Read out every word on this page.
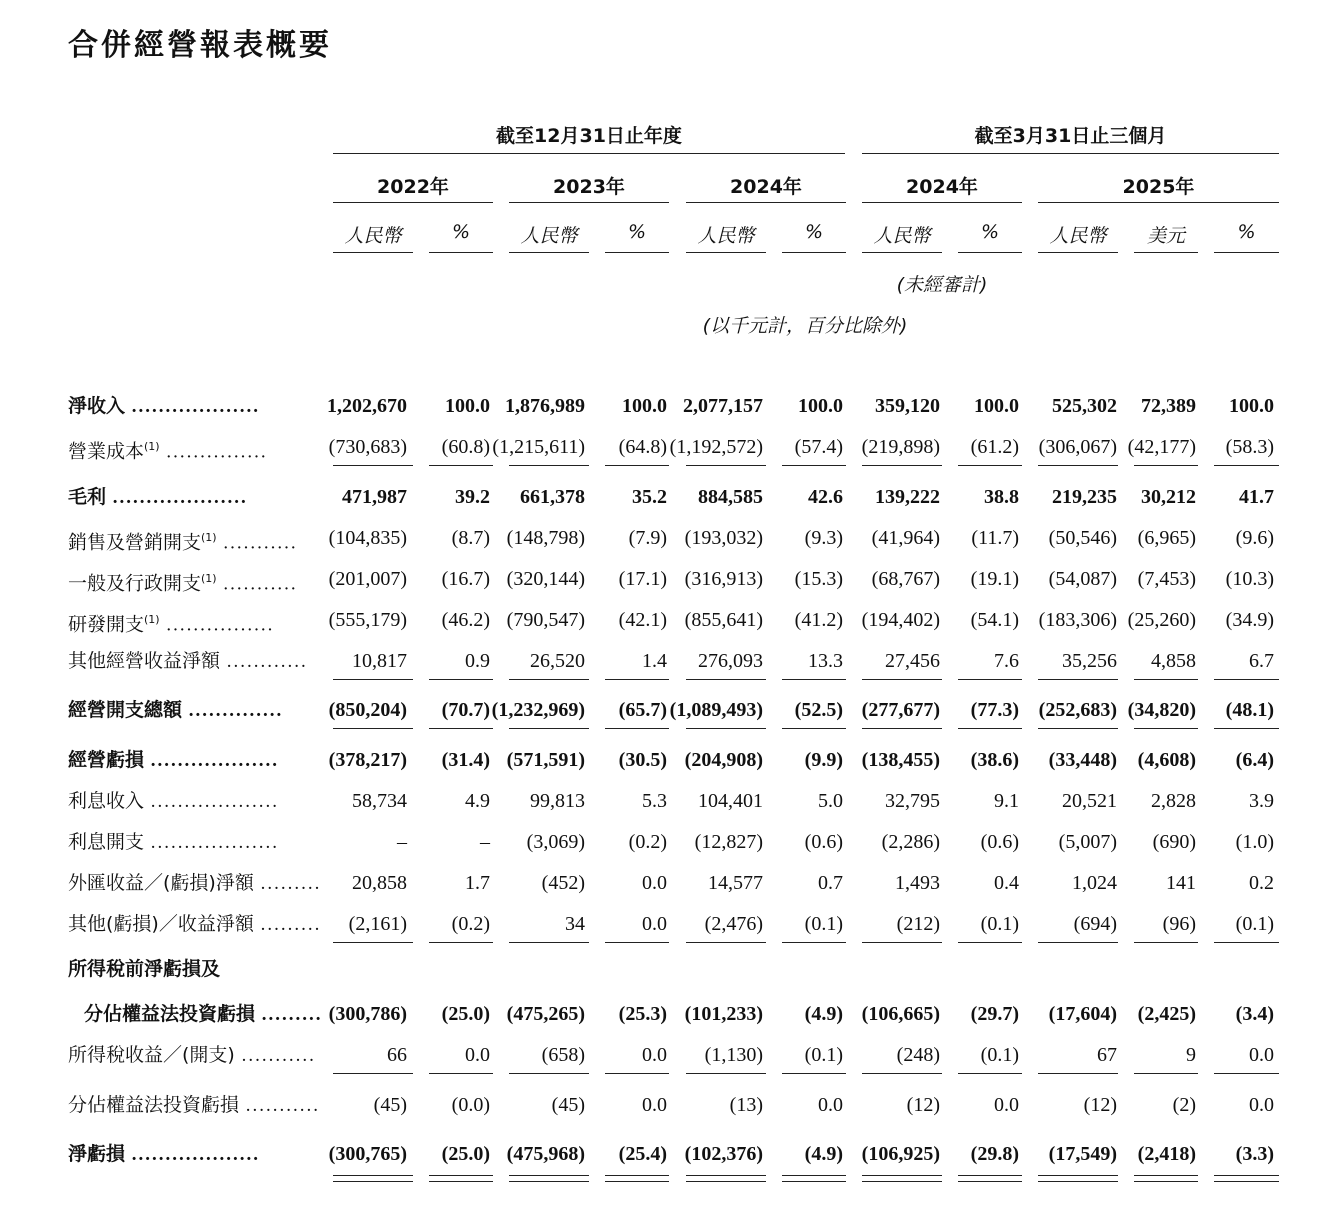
合併經營報表概要
截至12月31日止年度	截至3月31日止三個月
2022年	2023年	2024年	2024年	2025年
人民幣	%	人民幣	%	人民幣	%	人民幣	%	人民幣	美元	%
(未經審計)
(以千元計，百分比除外)
淨收入 ...................	1,202,670	100.0 1,876,989	100.0 2,077,157	100.0	359,120	100.0	525,302	72,389	100.0
營業成本$^{(1)}$ ...............	(730,683)	(60.8) (1,215,611)	(64.8) (1,192,572)	(57.4) (219,898)	(61.2) (306,067) (42,177)	(58.3)
毛利 ....................	471,987	39.2	661,378	35.2	884,585	42.6	139,222	38.8	219,235	30,212	41.7
銷售及營銷開支$^{(1)}$ ...........	(104,835)	(8.7) (148,798)	(7.9) (193,032)	(9.3)	(41,964)	(11.7)	(50,546)	(6,965)	(9.6)
一般及行政開支$^{(1)}$ ...........	(201,007)	(16.7) (320,144)	(17.1) (316,913)	(15.3)	(68,767)	(19.1)	(54,087)	(7,453)	(10.3)
研發開支$^{(1)}$ ................	(555,179)	(46.2) (790,547)	(42.1) (855,641)	(41.2) (194,402)	(54.1) (183,306) (25,260)	(34.9)
其他經營收益淨額 ............	10,817	0.9	26,520	1.4	276,093	13.3	27,456	7.6	35,256	4,858	6.7
經營開支總額 ..............	(850,204)	(70.7) (1,232,969)	(65.7) (1,089,493)	(52.5) (277,677)	(77.3) (252,683) (34,820)	(48.1)
經營虧損 ...................	(378,217)	(31.4) (571,591)	(30.5) (204,908)	(9.9) (138,455)	(38.6)	(33,448)	(4,608)	(6.4)
利息收入 ...................	58,734	4.9	99,813	5.3	104,401	5.0	32,795	9.1	20,521	2,828	3.9
利息開支 ...................	–	–	(3,069)	(0.2)	(12,827)	(0.6)	(2,286)	(0.6)	(5,007)	(690)	(1.0)
外匯收益／(虧損)淨額 .........	20,858	1.7	(452)	0.0	14,577	0.7	1,493	0.4	1,024	141	0.2
其他(虧損)／收益淨額 .........	(2,161)	(0.2)	34	0.0	(2,476)	(0.1)	(212)	(0.1)	(694)	(96)	(0.1)
所得稅前淨虧損及
分佔權益法投資虧損 ......... (300,786)	(25.0) (475,265)	(25.3) (101,233)	(4.9) (106,665)	(29.7)	(17,604)	(2,425)	(3.4)
所得稅收益／(開支) ...........	66	0.0	(658)	0.0	(1,130)	(0.1)	(248)	(0.1)	67	9	0.0
分佔權益法投資虧損 ...........	(45)	(0.0)	(45)	0.0	(13)	0.0	(12)	0.0	(12)	(2)	0.0
淨虧損 ...................	(300,765)	(25.0) (475,968)	(25.4) (102,376)	(4.9) (106,925)	(29.8)	(17,549)	(2,418)	(3.3)
